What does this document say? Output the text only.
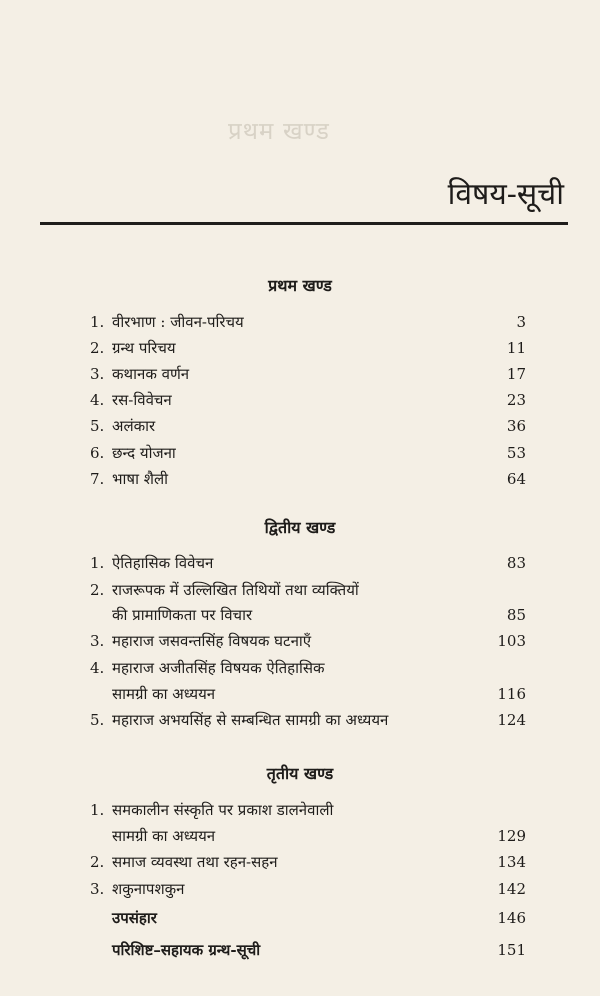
प्रथम खण्ड
विषय-सूची
प्रथम खण्ड
1. वीरभाण : जीवन-परिचय	3
2. ग्रन्थ परिचय	11
3. कथानक वर्णन	17
4. रस-विवेचन	23
5. अलंकार	36
6. छन्द योजना	53
7. भाषा शैली	64
द्वितीय खण्ड
1. ऐतिहासिक विवेचन	83
2. राजरूपक में उल्लिखित तिथियों तथा व्यक्तियों
की प्रामाणिकता पर विचार	85
3. महाराज जसवन्तसिंह विषयक घटनाएँ	103
4. महाराज अजीतसिंह विषयक ऐतिहासिक
सामग्री का अध्ययन	116
5. महाराज अभयसिंह से सम्बन्धित सामग्री का अध्ययन	124
तृतीय खण्ड
1. समकालीन संस्कृति पर प्रकाश डालनेवाली
सामग्री का अध्ययन	129
2. समाज व्यवस्था तथा रहन-सहन	134
3. शकुनापशकुन	142
उपसंहार	146
परिशिष्ट–सहायक ग्रन्थ-सूची	151
